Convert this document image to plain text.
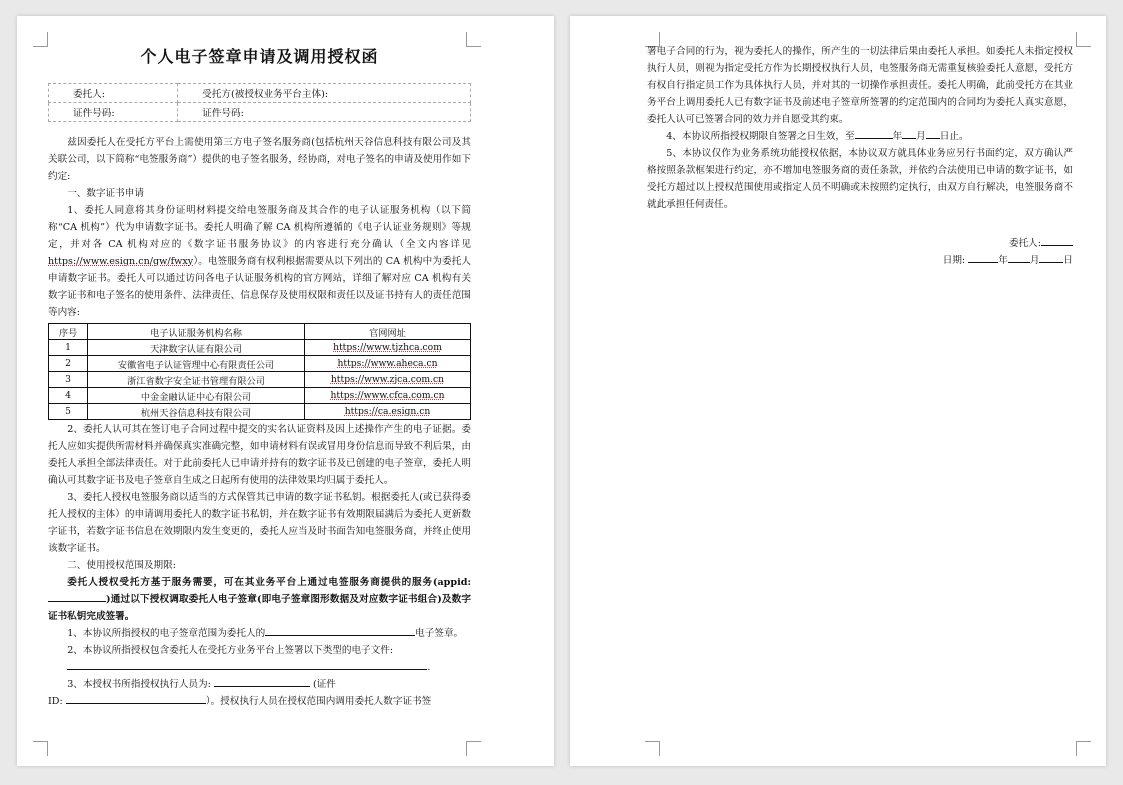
个人电子签章申请及调用授权函
委托人:	受托方(被授权业务平台主体):
证件号码:	证件号码:

兹因委托人在受托方平台上需使用第三方电子签名服务商(包括杭州天谷信息科技有限公司及其关联公司，以下简称“电签服务商”）提供的电子签名服务，经协商，对电子签名的申请及使用作如下约定:

一、数字证书申请

1、委托人同意将其身份证明材料提交给电签服务商及其合作的电子认证服务机构（以下简称“CA 机构”）代为申请数字证书。委托人明确了解 CA 机构所遵循的《电子认证业务规则》等规定，并对各 CA 机构对应的《数字证书服务协议》的内容进行充分确认（全文内容详见 https://www.esign.cn/gw/fwxy）。电签服务商有权利根据需要从以下列出的 CA 机构中为委托人申请数字证书。委托人可以通过访问各电子认证服务机构的官方网站，详细了解对应 CA 机构有关数字证书和电子签名的使用条件、法律责任、信息保存及使用权限和责任以及证书持有人的责任范围等内容:

序号	电子认证服务机构名称	官网网址
1	天津数字认证有限公司	https://www.tjzhca.com
2	安徽省电子认证管理中心有限责任公司	https://www.aheca.cn
3	浙江省数字安全证书管理有限公司	https://www.zjca.com.cn
4	中金金融认证中心有限公司	https://www.cfca.com.cn
5	杭州天谷信息科技有限公司	https://ca.esign.cn

2、委托人认可其在签订电子合同过程中提交的实名认证资料及因上述操作产生的电子证据。委托人应如实提供所需材料并确保真实准确完整，如申请材料有误或冒用身份信息而导致不利后果，由委托人承担全部法律责任。对于此前委托人已申请并持有的数字证书及已创建的电子签章，委托人明确认可其数字证书及电子签章自生成之日起所有使用的法律效果均归属于委托人。

3、委托人授权电签服务商以适当的方式保管其已申请的数字证书私钥。根据委托人(或已获得委托人授权的主体）的申请调用委托人的数字证书私钥，并在数字证书有效期限届满后为委托人更新数字证书，若数字证书信息在效期限内发生变更的，委托人应当及时书面告知电签服务商，并终止使用该数字证书。

二、使用授权范围及期限:

委托人授权受托方基于服务需要，可在其业务平台上通过电签服务商提供的服务(appid:)通过以下授权调取委托人电子签章(即电子签章图形数据及对应数字证书组合)及数字证书私钥完成签署。

1、本协议所指授权的电子签章范围为委托人的	电子签章。

2、本协议所指授权包含委托人在受托方业务平台上签署以下类型的电子文件:

.

3、本授权书所指授权执行人员为:	(证件

ID:	）。授权执行人员在授权范围内调用委托人数字证书签

署电子合同的行为，视为委托人的操作，所产生的一切法律后果由委托人承担。如委托人未指定授权执行人员，则视为指定受托方作为长期授权执行人员，电签服务商无需重复核验委托人意愿，受托方有权自行指定员工作为具体执行人员，并对其的一切操作承担责任。委托人明确，此前受托方在其业务平台上调用委托人已有数字证书及前述电子签章所签署的约定范围内的合同均为委托人真实意愿，委托人认可已签署合同的效力并自愿受其约束。

4、本协议所指授权期限自签署之日生效，至	年 月 日止。

5、本协议仅作为业务系统功能授权依据，本协议双方就具体业务应另行书面约定，双方确认严格按照条款框架进行约定，亦不增加电签服务商的责任条款，并依约合法使用已申请的数字证书，如受托方超过以上授权范围使用或指定人员不明确或未按照约定执行，由双方自行解决，电签服务商不就此承担任何责任。

委托人:
日期:	年 月	日
